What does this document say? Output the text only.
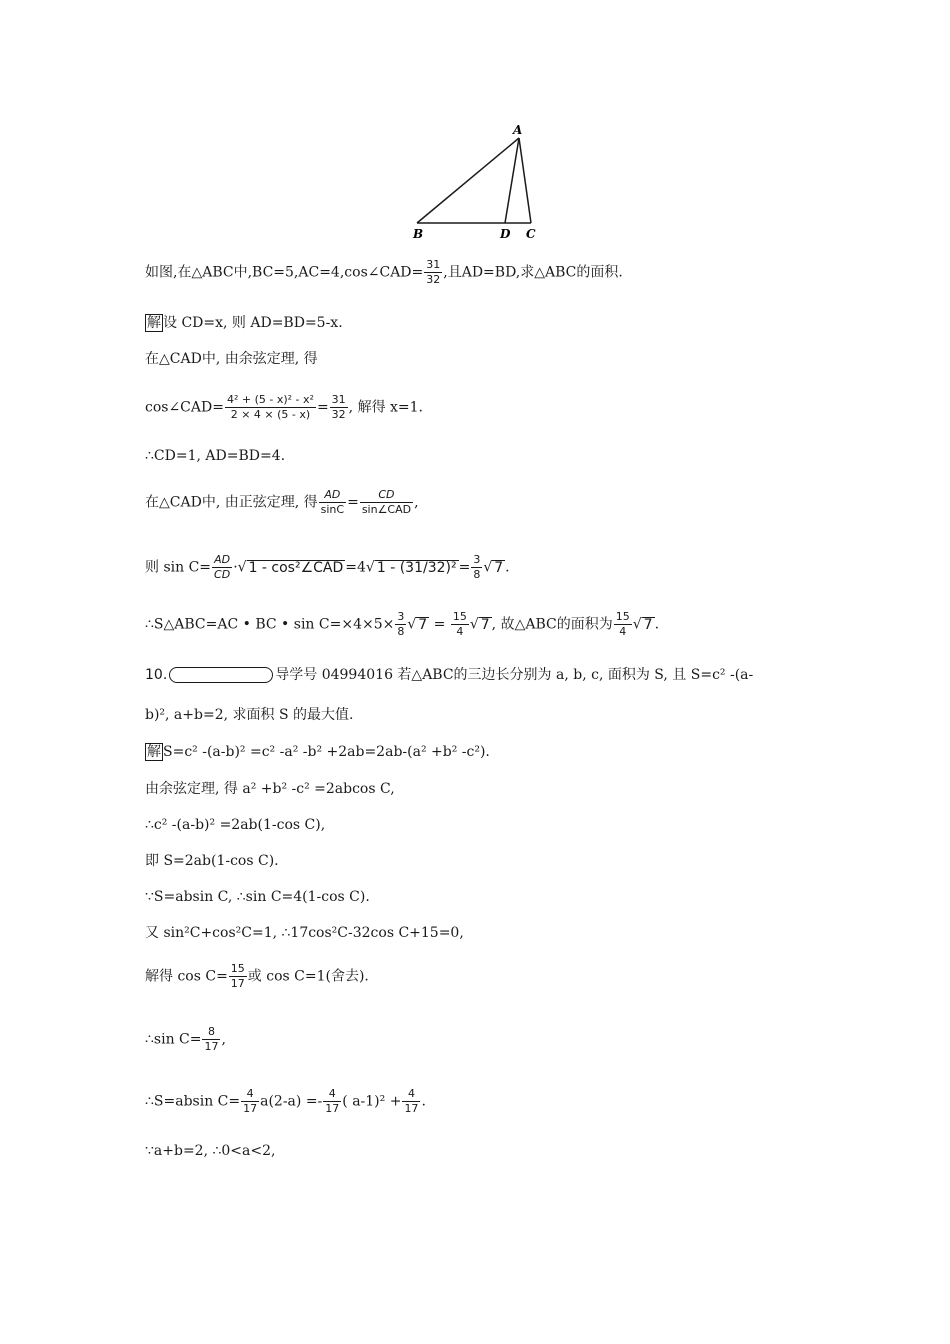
A
B	D C
如图,在△ABC中,BC=5,AC=4,cos∠CAD= $\frac{31}{32}$ ,且AD=BD,求△ABC的面积.
解 设 CD=x, 则 AD=BD=5-x.
在△CAD中, 由余弦定理, 得
cos∠CAD= $\frac{\text{4² + (5 - x)² - x²}}{2 \times 4 \times (5 - x)} = \frac{31}{32}$ , 解得 x=1.
∴CD=1, AD=BD=4.
在△CAD中, 由正弦定理, 得 $\frac{AD}{\sin C} = \frac{CD}{\text{sin∠CAD}}$ ,
则 $\sin C= \frac{AD}{CD}$ ·√ 1 - cos²∠CAD =4√ $1 - (31/32)^2 = \frac{3}{8}$ √ 7 .
∴S△ABC=AC • BC • $\sin C=\times 4\times 5\times \frac{3}{8}$ √ $7 = \frac{15}{4}$ √ 7 , 故△ABC的面积为 $\frac{15}{4}$ √ 7 .
10.	导学号 04994016 若△ABC的三边长分别为 a, b, c, 面积为 S, 且 S=c² -(a-
b)², a+b=2, 求面积 S 的最大值.
解 S=c² -(a-b)² =c² -a² -b² +2ab=2ab-(a² +b² -c²).
由余弦定理, 得 a² +b² -c² =2abcos C,
∴c² -(a-b)² =2ab(1-cos C),
即 S=2ab(1-cos C).
∵S=absin C, ∴sin C=4(1-cos C).
又 sin²C+cos²C=1, ∴17cos²C-32cos C+15=0,
解得 $\cos C= \frac{15}{17}$ 或 cos C=1(舍去).
∴sin $C= \frac{8}{17}$ ,
∴S=absin $C= \frac{4}{17} a(2-a) =- \frac{4}{17}$ ( $a-1)^2 + \frac{4}{17}$ .
∵a+b=2, ∴0<a<2,
